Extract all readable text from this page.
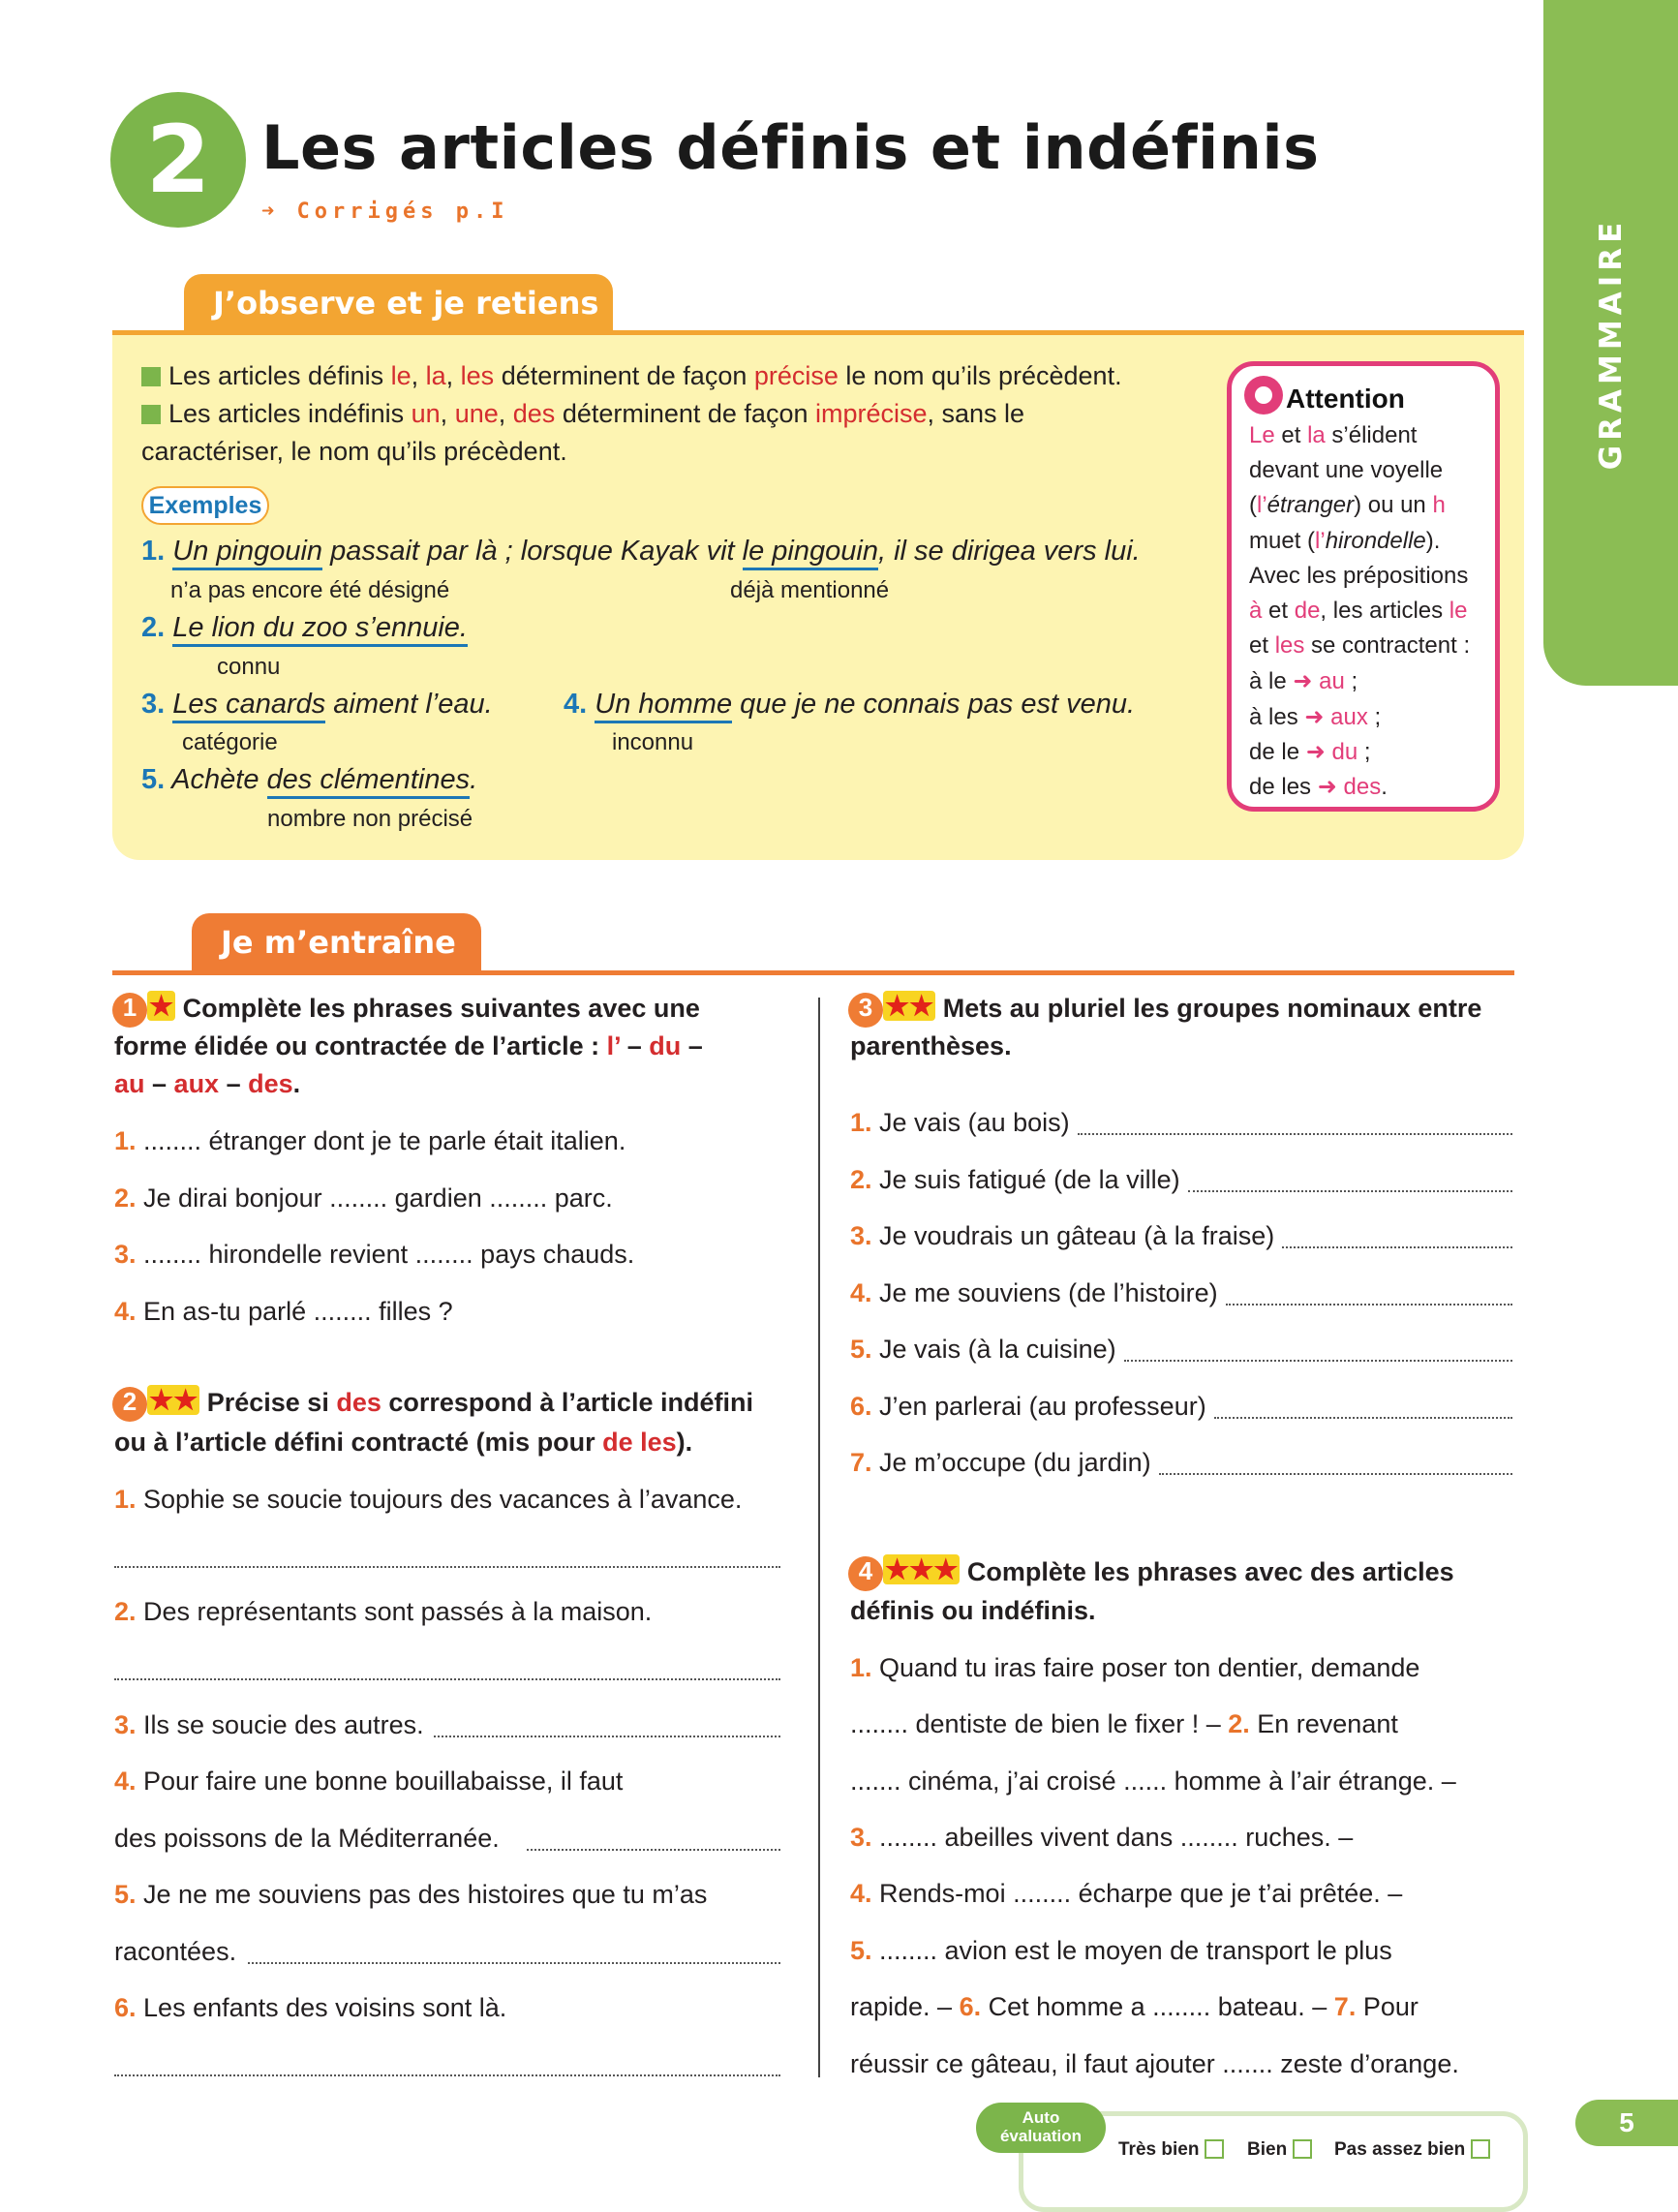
GRAMMAIRE
2 Les articles définis et indéfinis
➜ Corrigés p.I
J’observe et je retiens
Les articles définis le, la, les déterminent de façon précise le nom qu’ils précèdent.
Les articles indéfinis un, une, des déterminent de façon imprécise, sans le
caractériser, le nom qu’ils précèdent.
Exemples
1. Un pingouin passait par là ; lorsque Kayak vit le pingouin, il se dirigea vers lui.
n’a pas encore été désigné	déjà mentionné
2. Le lion du zoo s’ennuie.
connu
3. Les canards aiment l’eau.
catégorie
4. Un homme que je ne connais pas est venu.
inconnu
5. Achète des clémentines.
nombre non précisé
Attention
Le et la s’élident
devant une voyelle
(l’étranger) ou un h
muet (l’hirondelle).
Avec les prépositions
à et de, les articles le
et les se contractent :
à le ➜ au ;
à les ➜ aux ;
de le ➜ du ;
de les ➜ des.
Je m’entraîne
1 ★ Complète les phrases suivantes avec une
forme élidée ou contractée de l’article : l’ – du –
au – aux – des.
1. ........ étranger dont je te parle était italien.
2. Je dirai bonjour ........ gardien ........ parc.
3. ........ hirondelle revient ........ pays chauds.
4. En as-tu parlé ........ filles ?
2 ★★ Précise si des correspond à l’article indéfini
ou à l’article défini contracté (mis pour de les).
1. Sophie se soucie toujours des vacances à l’avance.
2. Des représentants sont passés à la maison.
3. Ils se soucie des autres.
4. Pour faire une bonne bouillabaisse, il faut
des poissons de la Méditerranée.
5. Je ne me souviens pas des histoires que tu m’as
racontées.
6. Les enfants des voisins sont là.
3 ★★ Mets au pluriel les groupes nominaux entre
parenthèses.
1. Je vais (au bois)
2. Je suis fatigué (de la ville)
3. Je voudrais un gâteau (à la fraise)
4. Je me souviens (de l’histoire)
5. Je vais (à la cuisine)
6. J’en parlerai (au professeur)
7. Je m’occupe (du jardin)
4 ★★★ Complète les phrases avec des articles
définis ou indéfinis.
1. Quand tu iras faire poser ton dentier, demande
........ dentiste de bien le fixer ! – 2. En revenant
....... cinéma, j’ai croisé ...... homme à l’air étrange. –
3. ........ abeilles vivent dans ........ ruches. –
4. Rends-moi ........ écharpe que je t’ai prêtée. –
5. ........ avion est le moyen de transport le plus
rapide. – 6. Cet homme a ........ bateau. – 7. Pour
réussir ce gâteau, il faut ajouter ....... zeste d’orange.
Auto
évaluation
Très bien	Bien	Pas assez bien
5
